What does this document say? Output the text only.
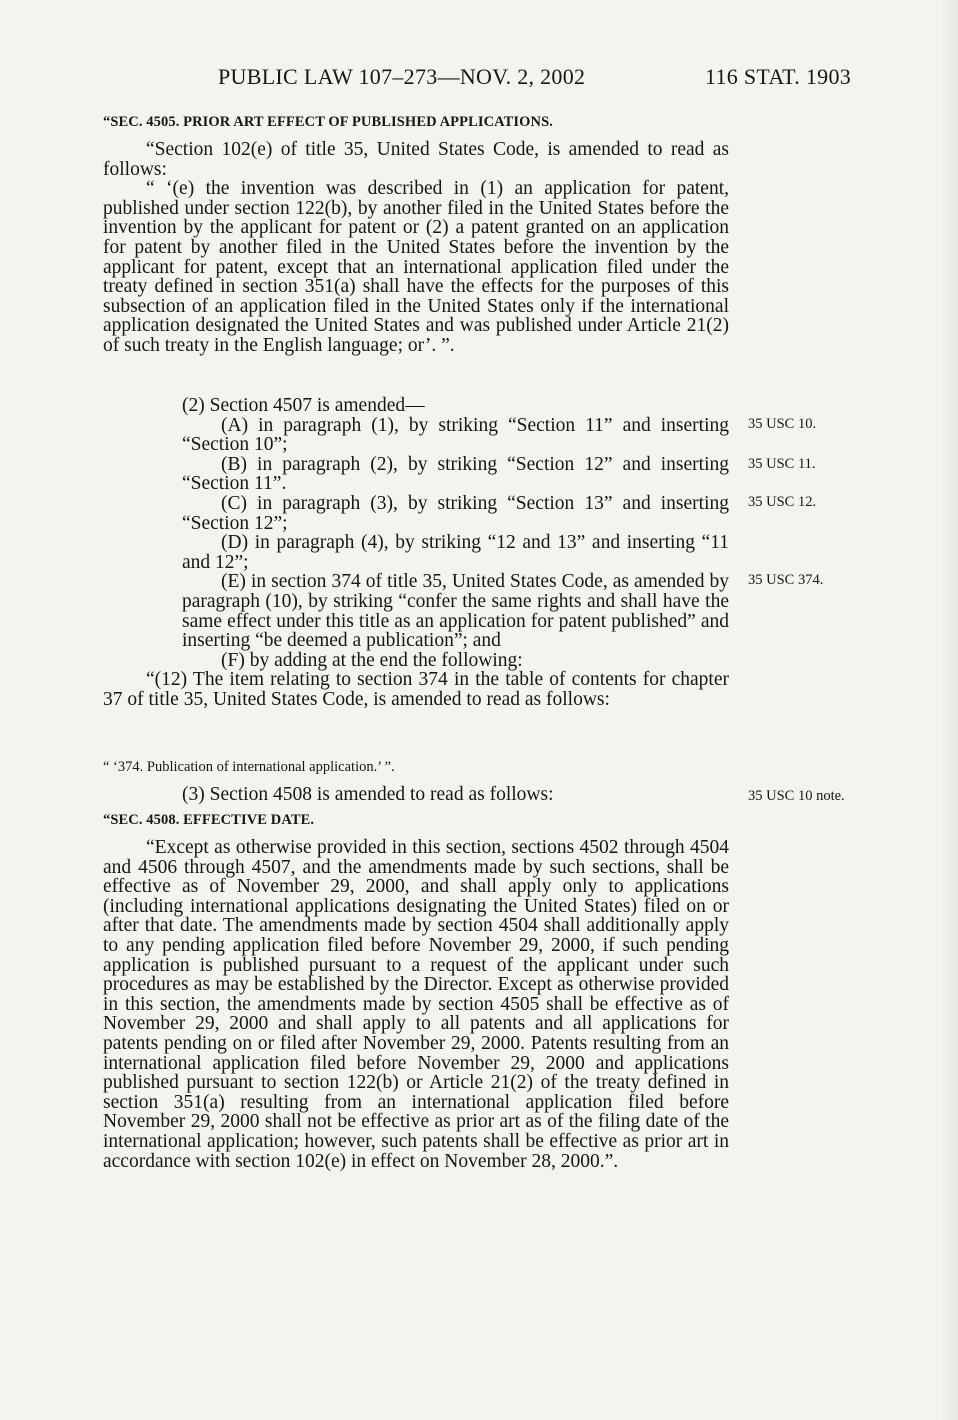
PUBLIC LAW 107–273—NOV. 2, 2002	116 STAT. 1903
“SEC. 4505. PRIOR ART EFFECT OF PUBLISHED APPLICATIONS.

“Section 102(e) of title 35, United States Code, is amended to read as follows:

“ ‘(e) the invention was described in (1) an application for patent, published under section 122(b), by another filed in the United States before the invention by the applicant for patent or (2) a patent granted on an application for patent by another filed in the United States before the invention by the applicant for patent, except that an international application filed under the treaty defined in section 351(a) shall have the effects for the purposes of this subsection of an application filed in the United States only if the international application designated the United States and was published under Article 21(2) of such treaty in the English language; or’. ”.

(2) Section 4507 is amended—

(A) in paragraph (1), by striking “Section 11” and inserting “Section 10”;

(B) in paragraph (2), by striking “Section 12” and inserting “Section 11”.

(C) in paragraph (3), by striking “Section 13” and inserting “Section 12”;

(D) in paragraph (4), by striking “12 and 13” and inserting “11 and 12”;

(E) in section 374 of title 35, United States Code, as amended by paragraph (10), by striking “confer the same rights and shall have the same effect under this title as an application for patent published” and inserting “be deemed a publication”; and

(F) by adding at the end the following:

“(12) The item relating to section 374 in the table of contents for chapter 37 of title 35, United States Code, is amended to read as follows:

35 USC 10.
35 USC 11.
35 USC 12.
35 USC 374.
“ ‘374. Publication of international application.’ ”.
(3) Section 4508 is amended to read as follows:	35 USC 10 note.
“SEC. 4508. EFFECTIVE DATE.

“Except as otherwise provided in this section, sections 4502 through 4504 and 4506 through 4507, and the amendments made by such sections, shall be effective as of November 29, 2000, and shall apply only to applications (including international applications designating the United States) filed on or after that date. The amendments made by section 4504 shall additionally apply to any pending application filed before November 29, 2000, if such pending application is published pursuant to a request of the applicant under such procedures as may be established by the Director. Except as otherwise provided in this section, the amendments made by section 4505 shall be effective as of November 29, 2000 and shall apply to all patents and all applications for patents pending on or filed after November 29, 2000. Patents resulting from an international application filed before November 29, 2000 and applications published pursuant to section 122(b) or Article 21(2) of the treaty defined in section 351(a) resulting from an international application filed before November 29, 2000 shall not be effective as prior art as of the filing date of the international application; however, such patents shall be effective as prior art in accordance with section 102(e) in effect on November 28, 2000.”.
